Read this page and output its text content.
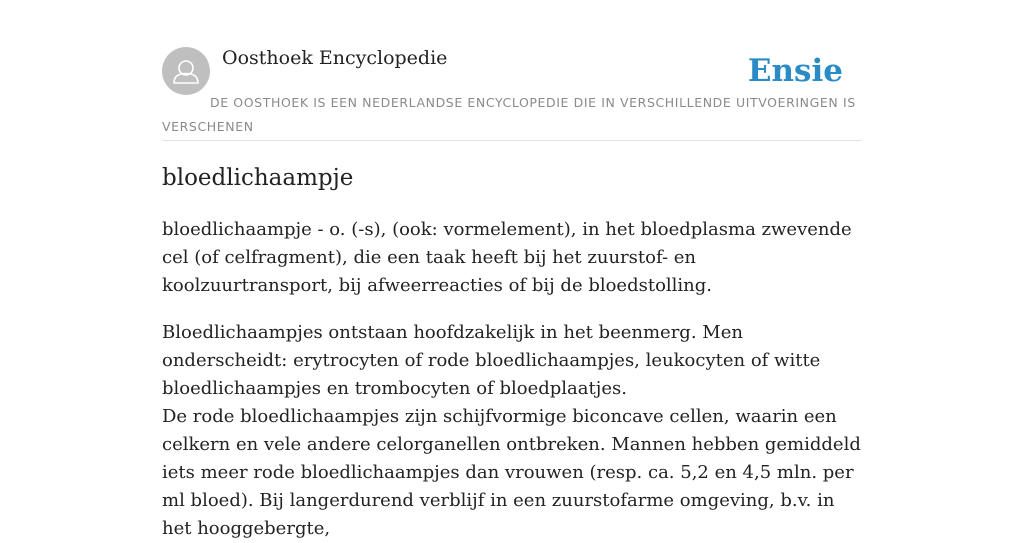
Oosthoek Encyclopedie	Ensie
DE OOSTHOEK IS EEN NEDERLANDSE ENCYCLOPEDIE DIE IN VERSCHILLENDE UITVOERINGEN IS VERSCHENEN
bloedlichaampje

bloedlichaampje - o. (-s), (ook: vormelement), in het bloedplasma zwevende cel (of celfragment), die een taak heeft bij het zuurstof- en koolzuurtransport, bij afweerreacties of bij de bloedstolling.

Bloedlichaampjes ontstaan hoofdzakelijk in het beenmerg. Men onderscheidt: erytrocyten of rode bloedlichaampjes, leukocyten of witte bloedlichaampjes en trombocyten of bloedplaatjes.

De rode bloedlichaampjes zijn schijfvormige biconcave cellen, waarin een celkern en vele andere celorganellen ontbreken. Mannen hebben gemiddeld iets meer rode bloedlichaampjes dan vrouwen (resp. ca. 5,2 en 4,5 mln. per ml bloed). Bij langerdurend verblijf in een zuurstofarme omgeving, b.v. in het hooggebergte,
